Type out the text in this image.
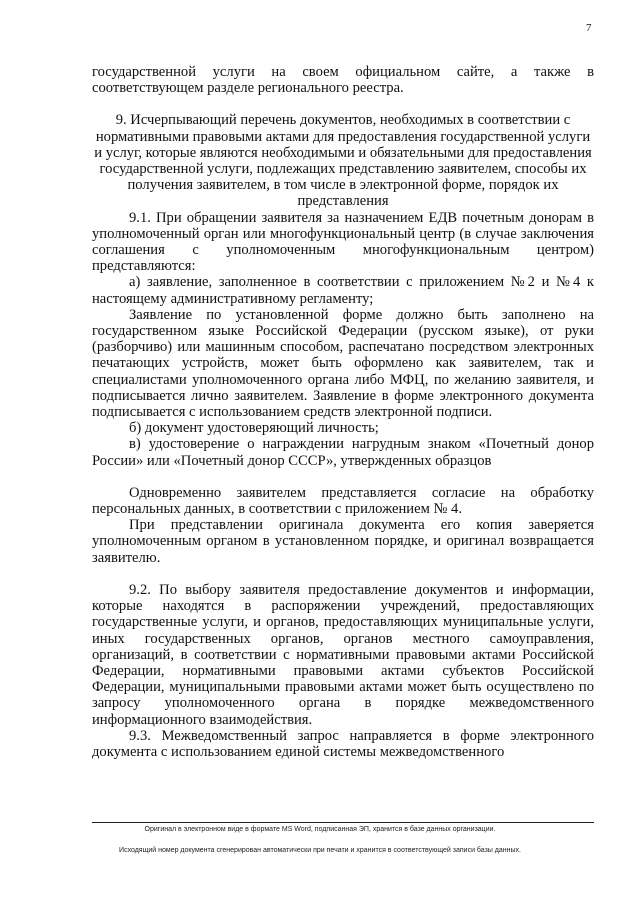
7

государственной услуги на своем официальном сайте, а также в соответствующем разделе регионального реестра.

9. Исчерпывающий перечень документов, необходимых в соответствии с нормативными правовыми актами для предоставления государственной услуги и услуг, которые являются необходимыми и обязательными для предоставления государственной услуги, подлежащих представлению заявителем, способы их получения заявителем, в том числе в электронной форме, порядок их представления

9.1. При обращении заявителя за назначением ЕДВ почетным донорам в уполномоченный орган или многофункциональный центр (в случае заключения соглашения с уполномоченным многофункциональным центром) представляются:

а) заявление, заполненное в соответствии с приложением №2 и №4 к настоящему административному регламенту;

Заявление по установленной форме должно быть заполнено на государственном языке Российской Федерации (русском языке), от руки (разборчиво) или машинным способом, распечатано посредством электронных печатающих устройств, может быть оформлено как заявителем, так и специалистами уполномоченного органа либо МФЦ, по желанию заявителя, и подписывается лично заявителем. Заявление в форме электронного документа подписывается с использованием средств электронной подписи.

б) документ удостоверяющий личность;

в) удостоверение о награждении нагрудным знаком «Почетный донор России» или «Почетный донор СССР», утвержденных образцов

Одновременно заявителем представляется согласие на обработку персональных данных, в соответствии с приложением № 4.

При представлении оригинала документа его копия заверяется уполномоченным органом в установленном порядке, и оригинал возвращается заявителю.

9.2. По выбору заявителя предоставление документов и информации, которые находятся в распоряжении учреждений, предоставляющих государственные услуги, и органов, предоставляющих муниципальные услуги, иных государственных органов, органов местного самоуправления, организаций, в соответствии с нормативными правовыми актами Российской Федерации, нормативными правовыми актами субъектов Российской Федерации, муниципальными правовыми актами может быть осуществлено по запросу уполномоченного органа в порядке межведомственного информационного взаимодействия.

9.3. Межведомственный запрос направляется в форме электронного документа с использованием единой системы межведомственного

Оригинал в электронном виде в формате MS Word, подписанная ЭП, хранится в базе данных организации.
Исходящий номер документа сгенерирован автоматически при печати и хранится в соответствующей записи базы данных.
